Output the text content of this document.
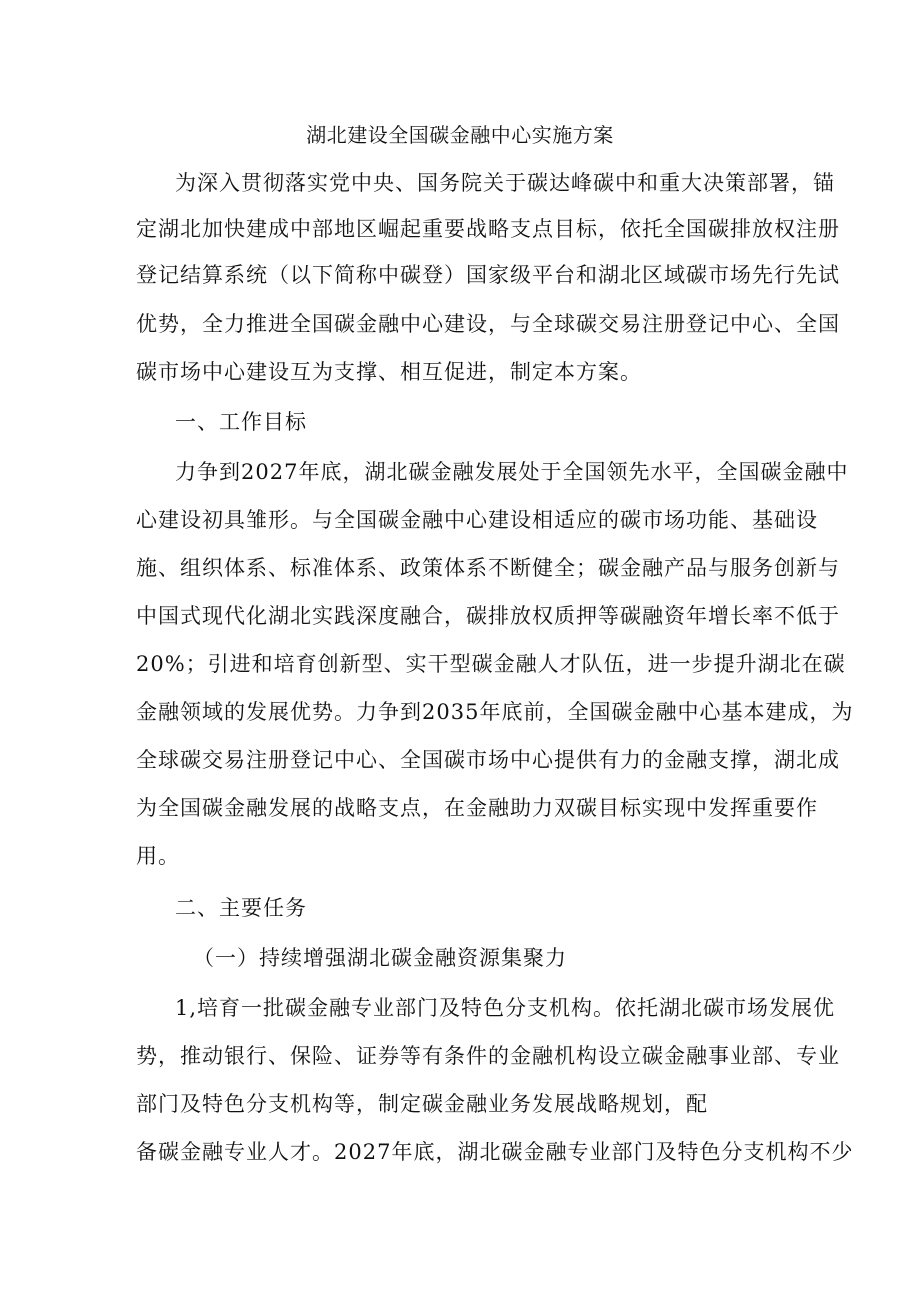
湖北建设全国碳金融中心实施方案
为深入贯彻落实党中央、国务院关于碳达峰碳中和重大决策部署，锚
定湖北加快建成中部地区崛起重要战略支点目标，依托全国碳排放权注册
登记结算系统（以下简称中碳登）国家级平台和湖北区域碳市场先行先试
优势，全力推进全国碳金融中心建设，与全球碳交易注册登记中心、全国
碳市场中心建设互为支撑、相互促进，制定本方案。
一、工作目标
力争到2027年底，湖北碳金融发展处于全国领先水平，全国碳金融中
心建设初具雏形。与全国碳金融中心建设相适应的碳市场功能、基础设
施、组织体系、标准体系、政策体系不断健全；碳金融产品与服务创新与
中国式现代化湖北实践深度融合，碳排放权质押等碳融资年增长率不低于
20%；引进和培育创新型、实干型碳金融人才队伍，进一步提升湖北在碳
金融领域的发展优势。力争到2035年底前，全国碳金融中心基本建成，为
全球碳交易注册登记中心、全国碳市场中心提供有力的金融支撑，湖北成
为全国碳金融发展的战略支点，在金融助力双碳目标实现中发挥重要作
用。
二、主要任务
（一）持续增强湖北碳金融资源集聚力
1,培育一批碳金融专业部门及特色分支机构。依托湖北碳市场发展优
势，推动银行、保险、证券等有条件的金融机构设立碳金融事业部、专业
部门及特色分支机构等，制定碳金融业务发展战略规划，配
备碳金融专业人才。2027年底，湖北碳金融专业部门及特色分支机构不少
